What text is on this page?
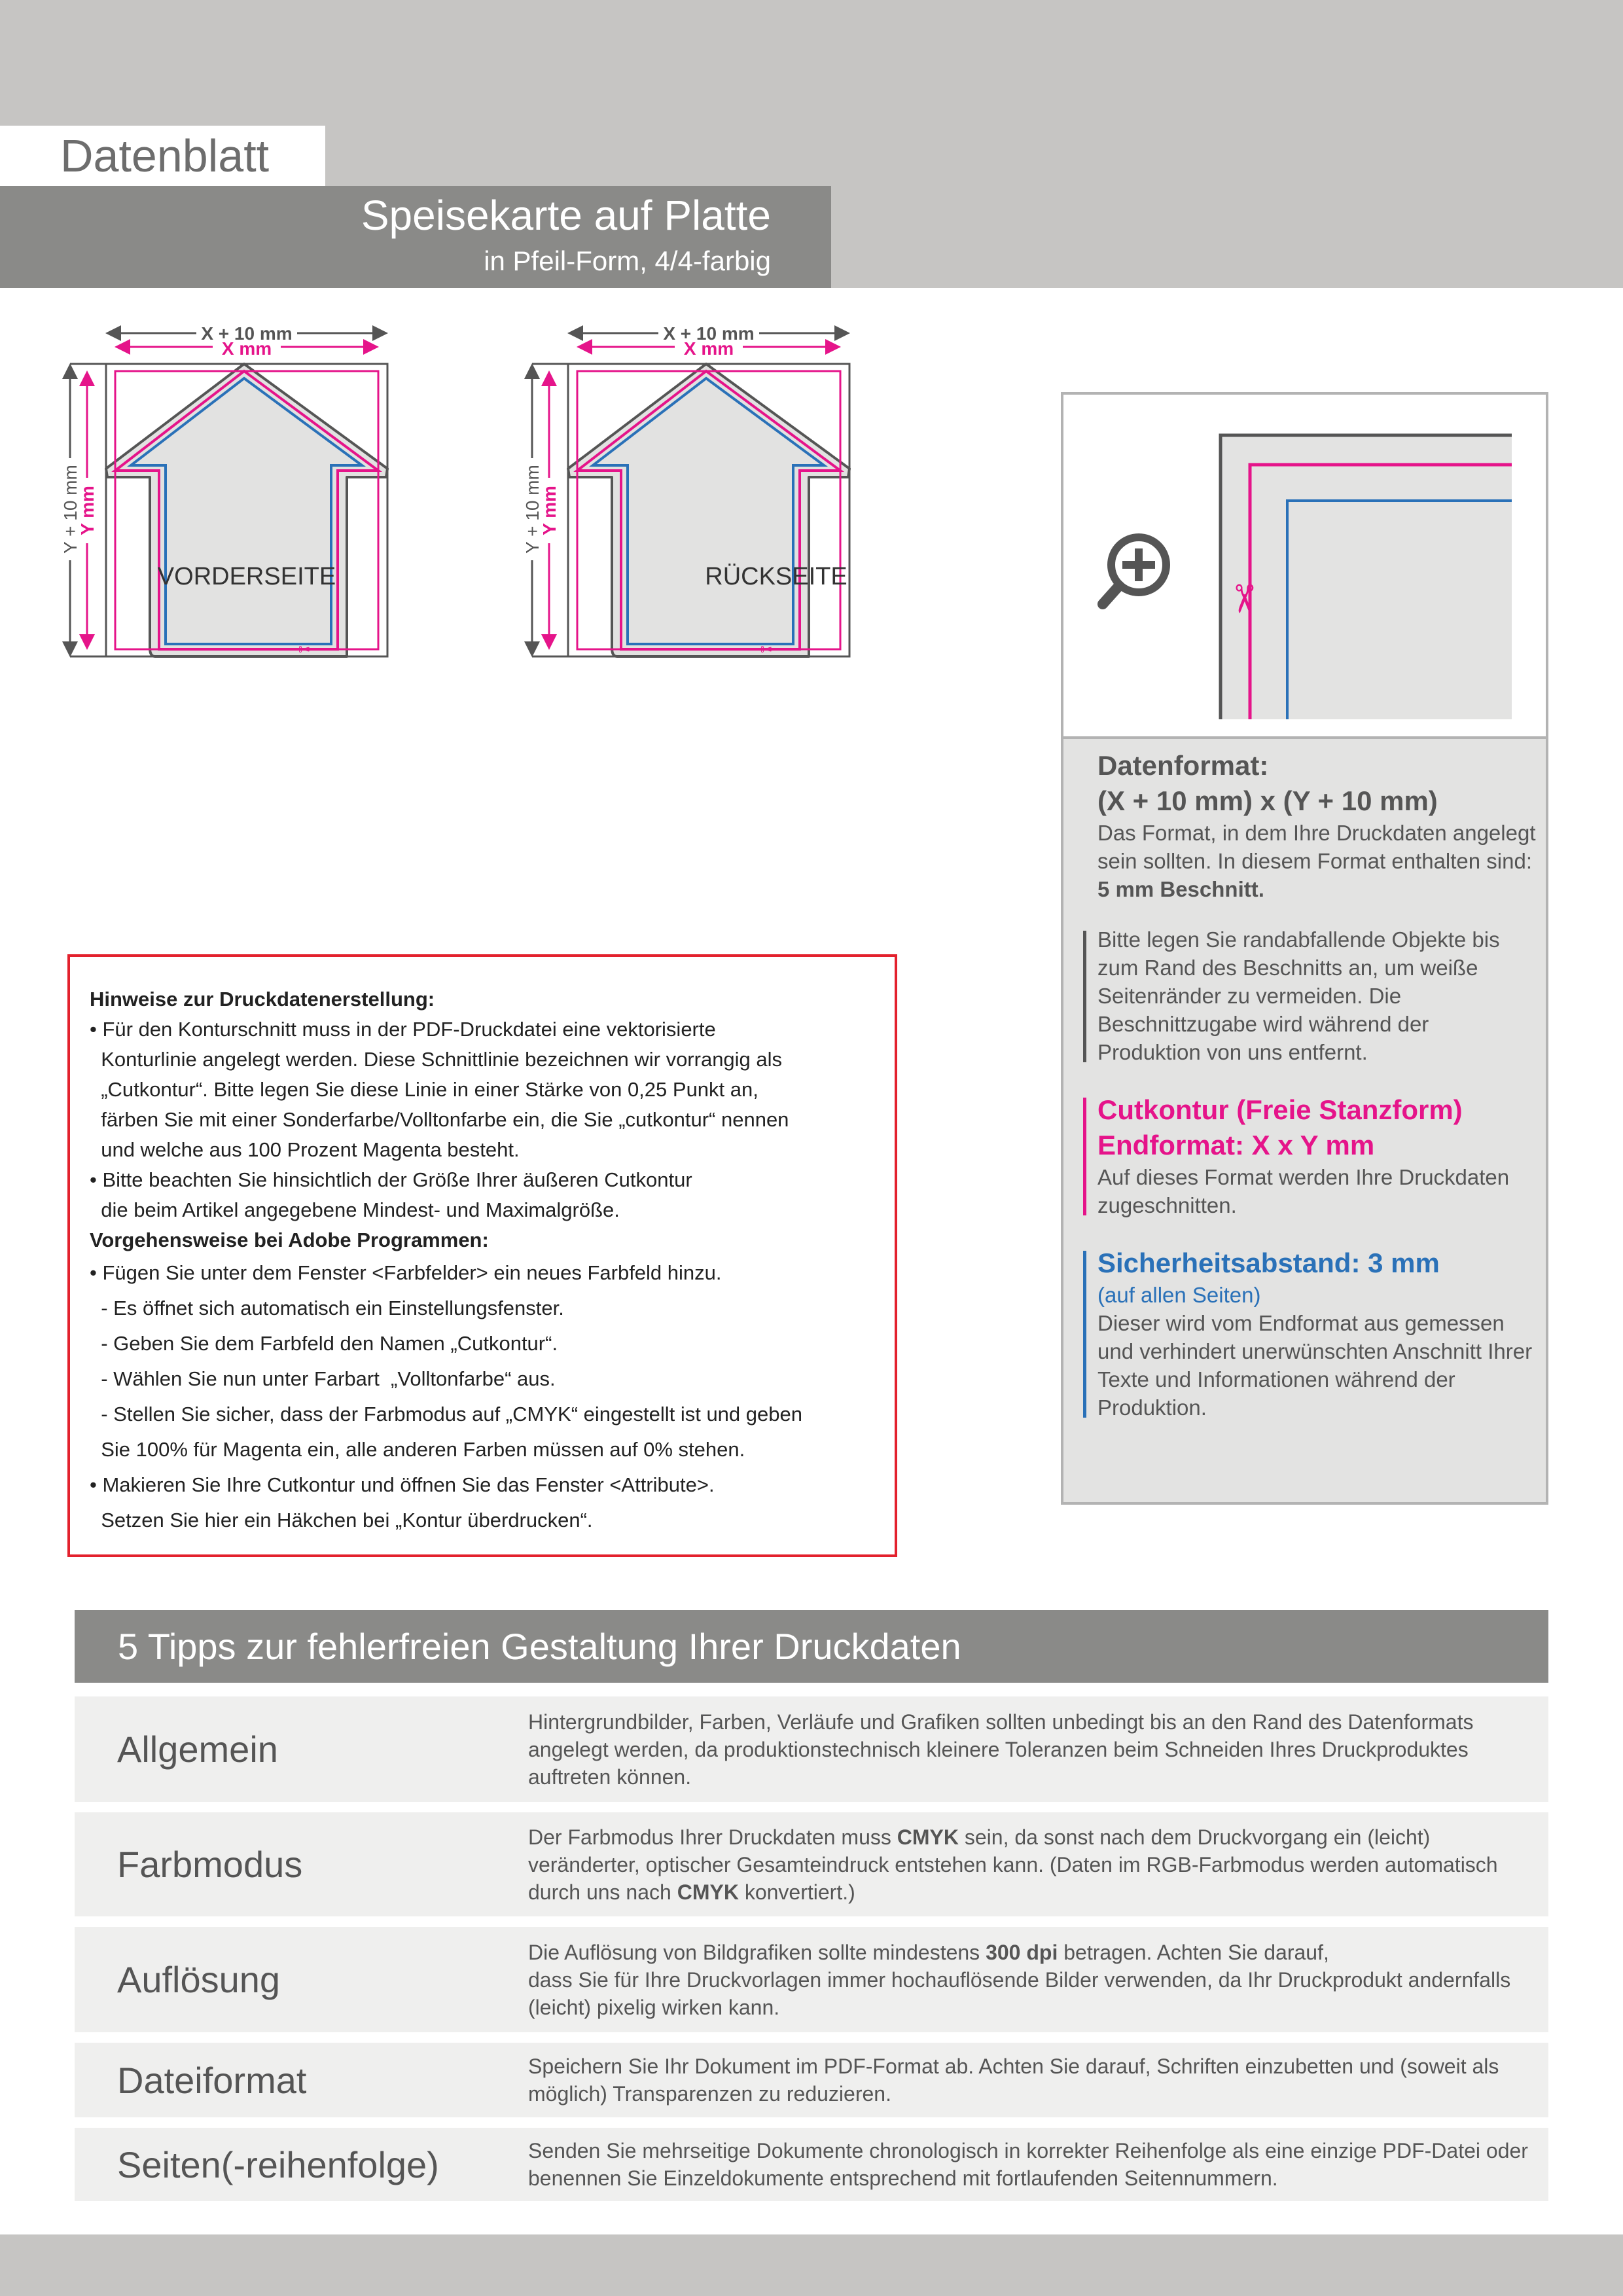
Datenblatt
Speisekarte auf Platte
in Pfeil-Form, 4/4-farbig
X + 10 mm
X mm
Y + 10 mm
Y mm
VORDERSEITE
✂
X + 10 mm
X mm
Y + 10 mm
Y mm
RÜCKSEITE
✂
✂
Datenformat:
(X + 10 mm) x (Y + 10 mm)
Das Format, in dem Ihre Druckdaten angelegt sein sollten. In diesem Format enthalten sind: 5 mm Beschnitt.
Bitte legen Sie randabfallende Objekte bis zum Rand des Beschnitts an, um weiße Seitenränder zu vermeiden. Die Beschnittzugabe wird während der Produktion von uns entfernt.
Cutkontur (Freie Stanzform)
Endformat: X x Y mm
Auf dieses Format werden Ihre Druckdaten zugeschnitten.
Sicherheitsabstand: 3 mm
(auf allen Seiten)
Dieser wird vom Endformat aus gemessen und verhindert unerwünschten Anschnitt Ihrer Texte und Informationen während der Produktion.

Hinweise zur Druckdatenerstellung:

• Für den Konturschnitt muss in der PDF-Druckdatei eine vektorisierte

Konturlinie angelegt werden. Diese Schnittlinie bezeichnen wir vorrangig als

„Cutkontur“. Bitte legen Sie diese Linie in einer Stärke von 0,25 Punkt an,

färben Sie mit einer Sonderfarbe/Volltonfarbe ein, die Sie „cutkontur“ nennen

und welche aus 100 Prozent Magenta besteht.

• Bitte beachten Sie hinsichtlich der Größe Ihrer äußeren Cutkontur

die beim Artikel angegebene Mindest- und Maximalgröße.

Vorgehensweise bei Adobe Programmen:

• Fügen Sie unter dem Fenster <Farbfelder> ein neues Farbfeld hinzu.

- Es öffnet sich automatisch ein Einstellungsfenster.

- Geben Sie dem Farbfeld den Namen „Cutkontur“.

- Wählen Sie nun unter Farbart  „Volltonfarbe“ aus.

- Stellen Sie sicher, dass der Farbmodus auf „CMYK“ eingestellt ist und geben

Sie 100% für Magenta ein, alle anderen Farben müssen auf 0% stehen.

• Makieren Sie Ihre Cutkontur und öffnen Sie das Fenster <Attribute>.

Setzen Sie hier ein Häkchen bei „Kontur überdrucken“.

5 Tipps zur fehlerfreien Gestaltung Ihrer Druckdaten
Allgemein
Hintergrundbilder, Farben, Verläufe und Grafiken sollten unbedingt bis an den Rand des Datenformats angelegt werden, da produktionstechnisch kleinere Toleranzen beim Schneiden Ihres Druckproduktes auftreten können.
Farbmodus
Der Farbmodus Ihrer Druckdaten muss CMYK sein, da sonst nach dem Druckvorgang ein (leicht) veränderter, optischer Gesamteindruck entstehen kann. (Daten im RGB-Farbmodus werden automatisch durch uns nach CMYK konvertiert.)
Auflösung
Die Auflösung von Bildgrafiken sollte mindestens 300 dpi betragen. Achten Sie darauf,
dass Sie für Ihre Druckvorlagen immer hochauflösende Bilder verwenden, da Ihr Druckprodukt andernfalls (leicht) pixelig wirken kann.
Dateiformat	Speichern Sie Ihr Dokument im PDF-Format ab. Achten Sie darauf, Schriften einzubetten und (soweit als möglich) Transparenzen zu reduzieren.
Seiten(-reihenfolge)	Senden Sie mehrseitige Dokumente chronologisch in korrekter Reihenfolge als eine einzige PDF-Datei oder benennen Sie Einzeldokumente entsprechend mit fortlaufenden Seitennummern.
